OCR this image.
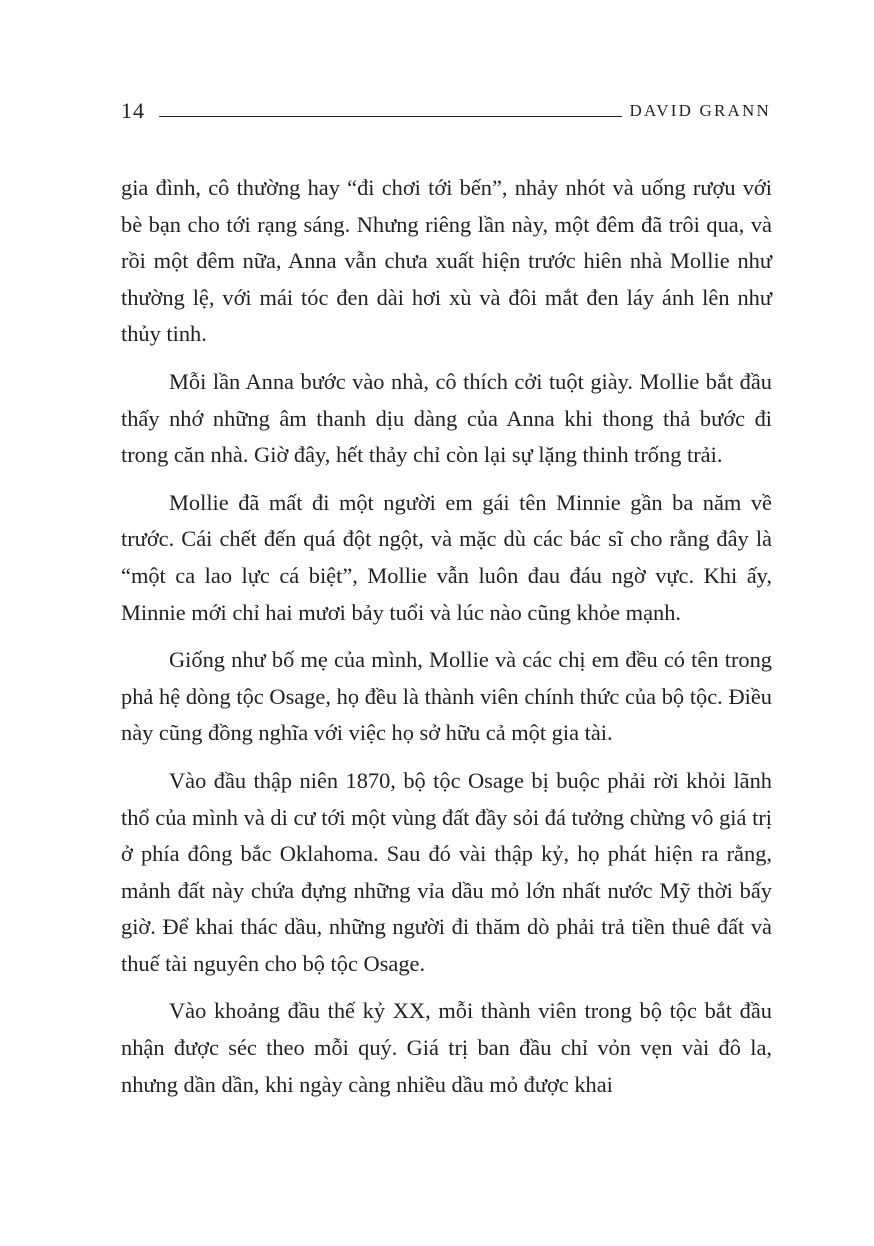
14	DAVID GRANN

gia đình, cô thường hay “đi chơi tới bến”, nhảy nhót và uống rượu với bè bạn cho tới rạng sáng. Nhưng riêng lần này, một đêm đã trôi qua, và rồi một đêm nữa, Anna vẫn chưa xuất hiện trước hiên nhà Mollie như thường lệ, với mái tóc đen dài hơi xù và đôi mắt đen láy ánh lên như thủy tinh.

Mỗi lần Anna bước vào nhà, cô thích cởi tuột giày. Mollie bắt đầu thấy nhớ những âm thanh dịu dàng của Anna khi thong thả bước đi trong căn nhà. Giờ đây, hết thảy chỉ còn lại sự lặng thinh trống trải.

Mollie đã mất đi một người em gái tên Minnie gần ba năm về trước. Cái chết đến quá đột ngột, và mặc dù các bác sĩ cho rằng đây là “một ca lao lực cá biệt”, Mollie vẫn luôn đau đáu ngờ vực. Khi ấy, Minnie mới chỉ hai mươi bảy tuổi và lúc nào cũng khỏe mạnh.

Giống như bố mẹ của mình, Mollie và các chị em đều có tên trong phả hệ dòng tộc Osage, họ đều là thành viên chính thức của bộ tộc. Điều này cũng đồng nghĩa với việc họ sở hữu cả một gia tài.

Vào đầu thập niên 1870, bộ tộc Osage bị buộc phải rời khỏi lãnh thổ của mình và di cư tới một vùng đất đầy sỏi đá tưởng chừng vô giá trị ở phía đông bắc Oklahoma. Sau đó vài thập kỷ, họ phát hiện ra rằng, mảnh đất này chứa đựng những vỉa dầu mỏ lớn nhất nước Mỹ thời bấy giờ. Để khai thác dầu, những người đi thăm dò phải trả tiền thuê đất và thuế tài nguyên cho bộ tộc Osage.

Vào khoảng đầu thế kỷ XX, mỗi thành viên trong bộ tộc bắt đầu nhận được séc theo mỗi quý. Giá trị ban đầu chỉ vỏn vẹn vài đô la, nhưng dần dần, khi ngày càng nhiều dầu mỏ được khai
